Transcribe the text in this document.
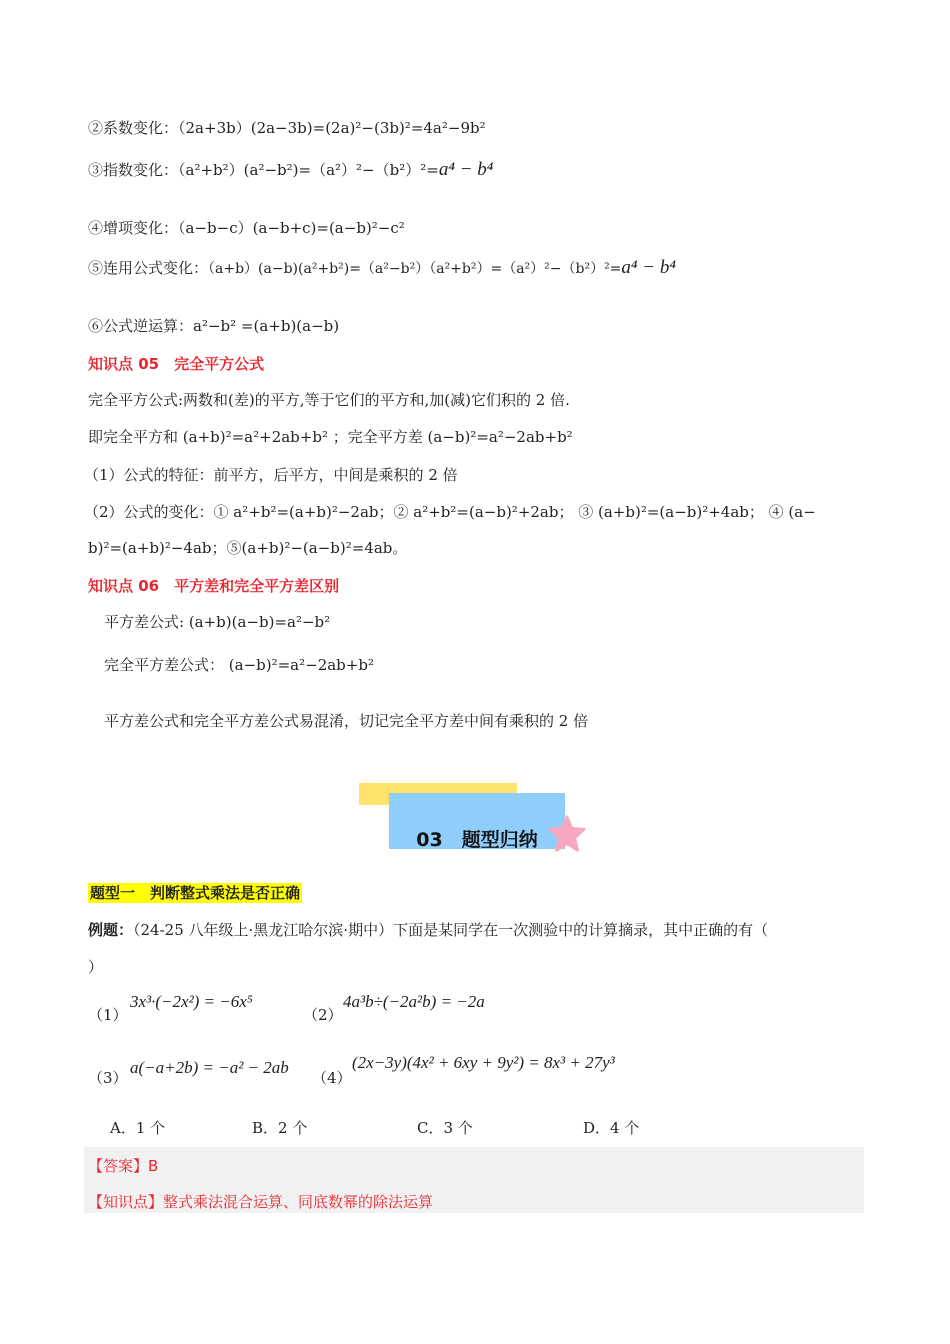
②系数变化：（2a+3b）(2a−3b)=(2a)²−(3b)²=4a²−9b²
③指数变化：（a²+b²）(a²−b²)=（a²）²−（b²）²=a⁴ − b⁴
④增项变化：（a−b−c）(a−b+c)=(a−b)²−c²
⑤连用公式变化：（a+b）(a−b)(a²+b²)=（a²−b²）（a²+b²）=（a²）²−（b²）²=a⁴ − b⁴
⑥公式逆运算：a²−b² =(a+b)(a−b)
知识点 05　完全平方公式
完全平方公式:两数和(差)的平方,等于它们的平方和,加(减)它们积的 2 倍.
即完全平方和 (a+b)²=a²+2ab+b² ；完全平方差 (a−b)²=a²−2ab+b²
（1）公式的特征：前平方，后平方，中间是乘积的 2 倍
（2）公式的变化：① a²+b²=(a+b)²−2ab；② a²+b²=(a−b)²+2ab； ③ (a+b)²=(a−b)²+4ab； ④ (a−
b)²=(a+b)²−4ab；⑤(a+b)²−(a−b)²=4ab。
知识点 06　平方差和完全平方差区别
平方差公式: (a+b)(a−b)=a²−b²
完全平方差公式： (a−b)²=a²−2ab+b²
平方差公式和完全平方差公式易混淆，切记完全平方差中间有乘积的 2 倍
03　题型归纳
题型一　判断整式乘法是否正确
例题：（24-25 八年级上·黑龙江哈尔滨·期中）下面是某同学在一次测验中的计算摘录，其中正确的有（
）
（1）
3x³·(−2x²) = −6x⁵
（2）
4a³b÷(−2a²b) = −2a
（3）
a(−a+2b) = −a² − 2ab
（4）
(2x−3y)(4x² + 6xy + 9y²) = 8x³ + 27y³
A．1 个	B．2 个	C．3 个	D．4 个
【答案】B
【知识点】整式乘法混合运算、同底数幂的除法运算
